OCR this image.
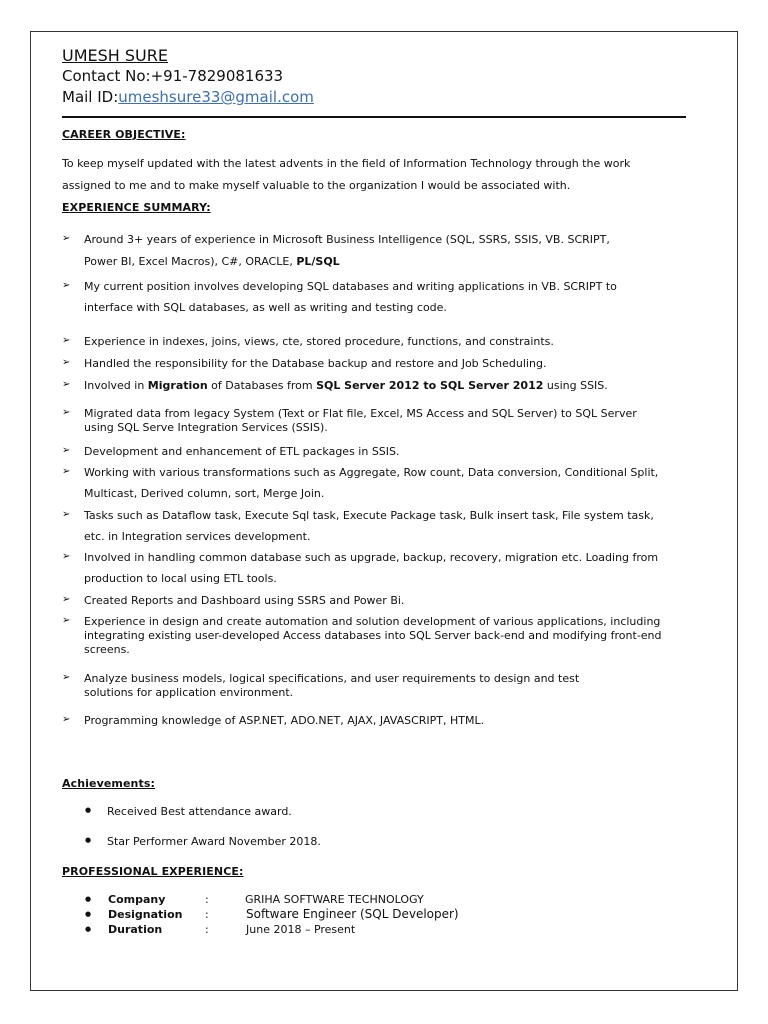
UMESH SURE
Contact No:+91-7829081633
Mail ID:umeshsure33@gmail.com
CAREER OBJECTIVE:
To keep myself updated with the latest advents in the field of Information Technology through the work
assigned to me and to make myself valuable to the organization I would be associated with.
EXPERIENCE SUMMARY:
➢ Around 3+ years of experience in Microsoft Business Intelligence (SQL, SSRS, SSIS, VB. SCRIPT,
Power BI, Excel Macros), C#, ORACLE, PL/SQL
➢ My current position involves developing SQL databases and writing applications in VB. SCRIPT to
interface with SQL databases, as well as writing and testing code.
➢ Experience in indexes, joins, views, cte, stored procedure, functions, and constraints.
➢ Handled the responsibility for the Database backup and restore and Job Scheduling.
➢ Involved in Migration of Databases from SQL Server 2012 to SQL Server 2012 using SSIS.
➢ Migrated data from legacy System (Text or Flat file, Excel, MS Access and SQL Server) to SQL Server
using SQL Serve Integration Services (SSIS).
➢ Development and enhancement of ETL packages in SSIS.
➢ Working with various transformations such as Aggregate, Row count, Data conversion, Conditional Split,
Multicast, Derived column, sort, Merge Join.
➢ Tasks such as Dataflow task, Execute Sql task, Execute Package task, Bulk insert task, File system task,
etc. in Integration services development.
➢ Involved in handling common database such as upgrade, backup, recovery, migration etc. Loading from
production to local using ETL tools.
➢ Created Reports and Dashboard using SSRS and Power Bi.
➢ Experience in design and create automation and solution development of various applications, including
integrating existing user-developed Access databases into SQL Server back-end and modifying front-end
screens.
➢ Analyze business models, logical specifications, and user requirements to design and test
solutions for application environment.
➢ Programming knowledge of ASP.NET, ADO.NET, AJAX, JAVASCRIPT, HTML.
Achievements:
● Received Best attendance award.
● Star Performer Award November 2018.
PROFESSIONAL EXPERIENCE:
● Company	:	GRIHA SOFTWARE TECHNOLOGY
● Designation :	Software Engineer (SQL Developer)
● Duration	:	June 2018 – Present
